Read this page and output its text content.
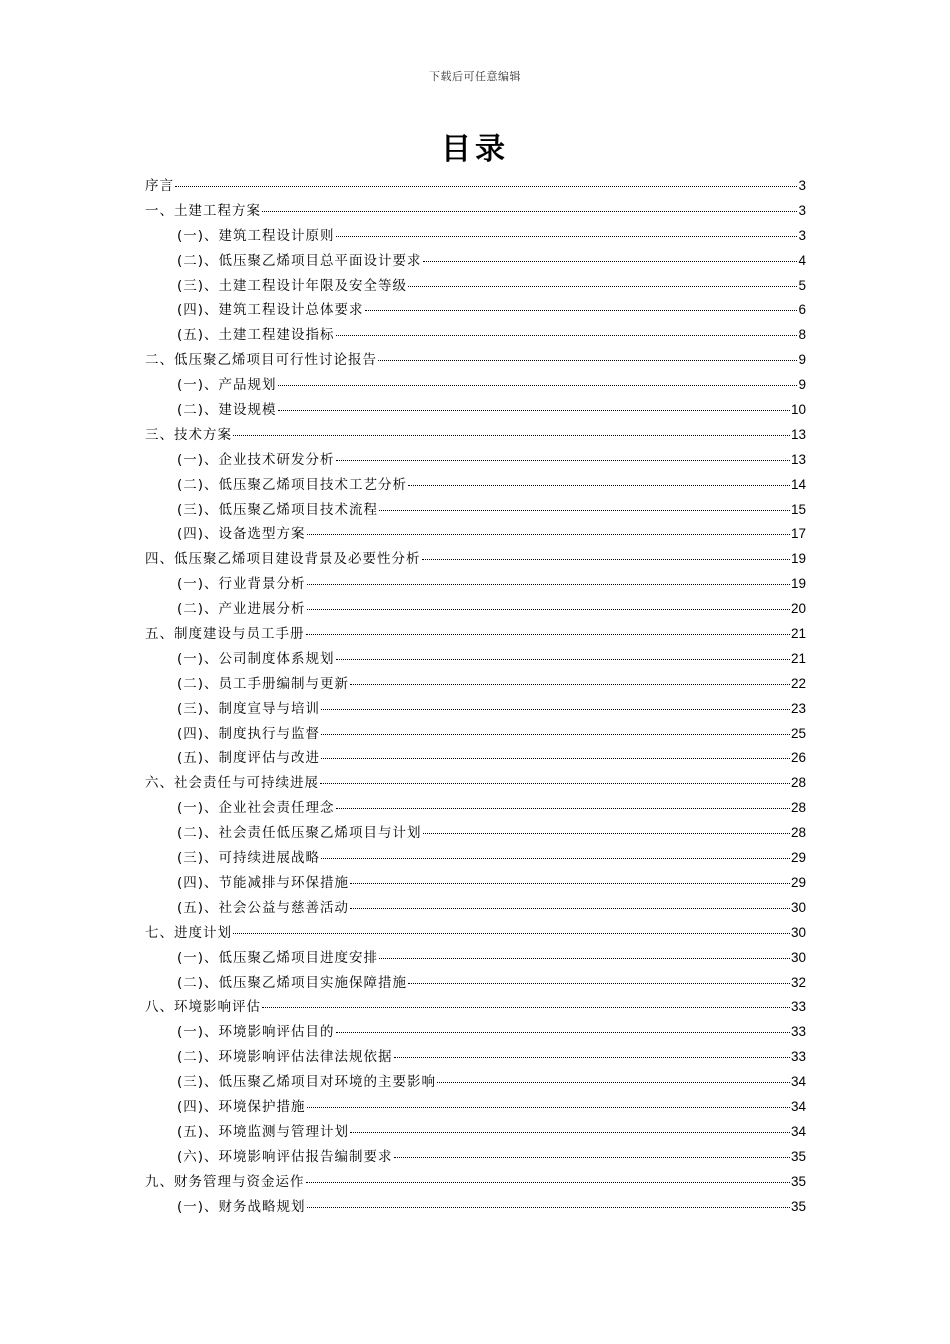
下载后可任意编辑
目录
序言	3
一、土建工程方案	3
(一)、建筑工程设计原则	3
(二)、低压聚乙烯项目总平面设计要求	4
(三)、土建工程设计年限及安全等级	5
(四)、建筑工程设计总体要求	6
(五)、土建工程建设指标	8
二、低压聚乙烯项目可行性讨论报告	9
(一)、产品规划	9
(二)、建设规模	10
三、技术方案	13
(一)、企业技术研发分析	13
(二)、低压聚乙烯项目技术工艺分析	14
(三)、低压聚乙烯项目技术流程	15
(四)、设备选型方案	17
四、低压聚乙烯项目建设背景及必要性分析	19
(一)、行业背景分析	19
(二)、产业进展分析	20
五、制度建设与员工手册	21
(一)、公司制度体系规划	21
(二)、员工手册编制与更新	22
(三)、制度宣导与培训	23
(四)、制度执行与监督	25
(五)、制度评估与改进	26
六、社会责任与可持续进展	28
(一)、企业社会责任理念	28
(二)、社会责任低压聚乙烯项目与计划	28
(三)、可持续进展战略	29
(四)、节能减排与环保措施	29
(五)、社会公益与慈善活动	30
七、进度计划	30
(一)、低压聚乙烯项目进度安排	30
(二)、低压聚乙烯项目实施保障措施	32
八、环境影响评估	33
(一)、环境影响评估目的	33
(二)、环境影响评估法律法规依据	33
(三)、低压聚乙烯项目对环境的主要影响	34
(四)、环境保护措施	34
(五)、环境监测与管理计划	34
(六)、环境影响评估报告编制要求	35
九、财务管理与资金运作	35
(一)、财务战略规划	35
